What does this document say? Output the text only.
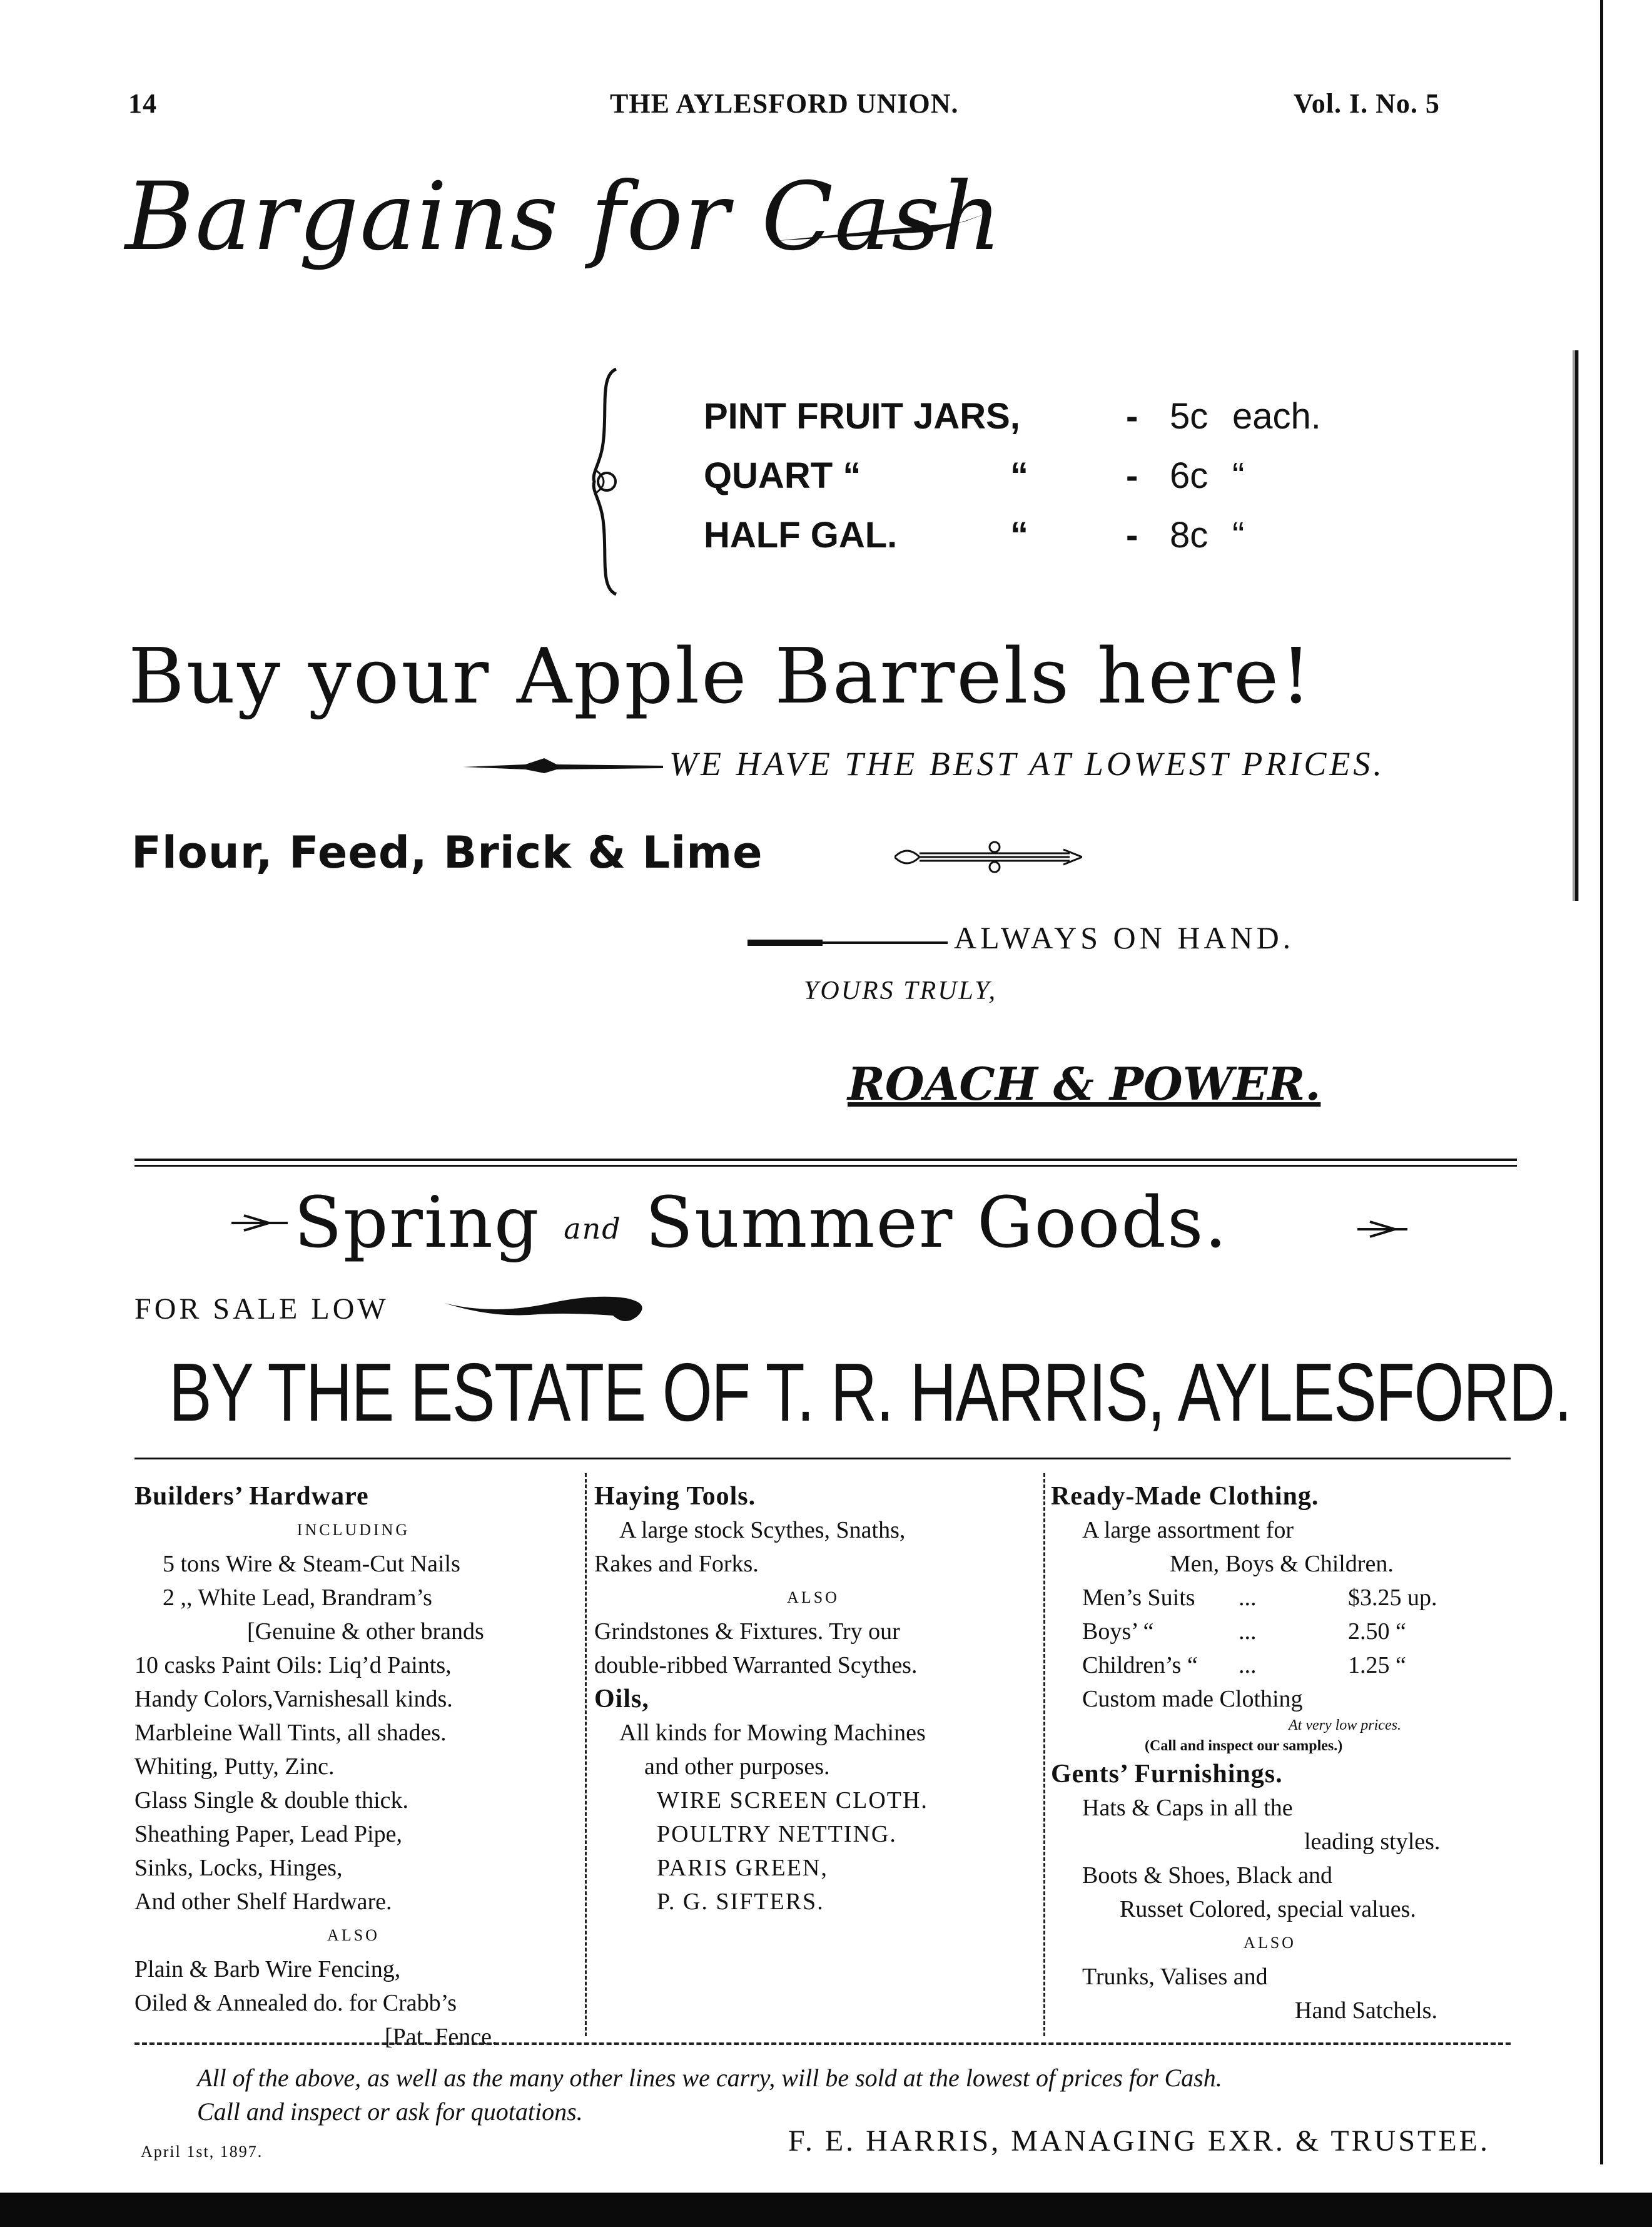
14	THE AYLESFORD UNION.	Vol. I. No. 5
Bargains for Cash
PINT FRUIT JARS,	- 5c each.
QUART “	“	- 6c “
HALF GAL.	“	- 8c “
Buy your Apple Barrels here!
WE HAVE THE BEST AT LOWEST PRICES.
Flour, Feed, Brick & Lime
ALWAYS ON HAND.
YOURS TRULY,
ROACH & POWER.
Spring and Summer Goods.
FOR SALE LOW
BY THE ESTATE OF T. R. HARRIS, AYLESFORD.
Builders’ Hardware
INCLUDING
5 tons Wire & Steam-Cut Nails
2 ,, White Lead, Brandram’s
[Genuine & other brands
10 casks Paint Oils: Liq’d Paints,
Handy Colors,Varnishesall kinds.
Marbleine Wall Tints, all shades.
Whiting, Putty, Zinc.
Glass Single & double thick.
Sheathing Paper, Lead Pipe,
Sinks, Locks, Hinges,
And other Shelf Hardware.
ALSO
Plain & Barb Wire Fencing,
Oiled & Annealed do. for Crabb’s
[Pat. Fence.
Haying Tools.
A large stock Scythes, Snaths,
Rakes and Forks.
ALSO
Grindstones & Fixtures. Try our
double-ribbed Warranted Scythes.
Oils,
All kinds for Mowing Machines
and other purposes.
WIRE SCREEN CLOTH.
POULTRY NETTING.
PARIS GREEN,
P. G. SIFTERS.
Ready-Made Clothing.
A large assortment for
Men, Boys & Children.
Men’s Suits ...	$3.25 up.
Boys’ “	...	2.50 “
Children’s “ ...	1.25 “
Custom made Clothing
At very low prices.
(Call and inspect our samples.)
Gents’ Furnishings.
Hats & Caps in all the
leading styles.
Boots & Shoes, Black and
Russet Colored, special values.
ALSO
Trunks, Valises and
Hand Satchels.
All of the above, as well as the many other lines we carry, will be sold at the lowest of prices for Cash.
Call and inspect or ask for quotations.
April 1st, 1897.	F. E. HARRIS, MANAGING EXR. & TRUSTEE.
